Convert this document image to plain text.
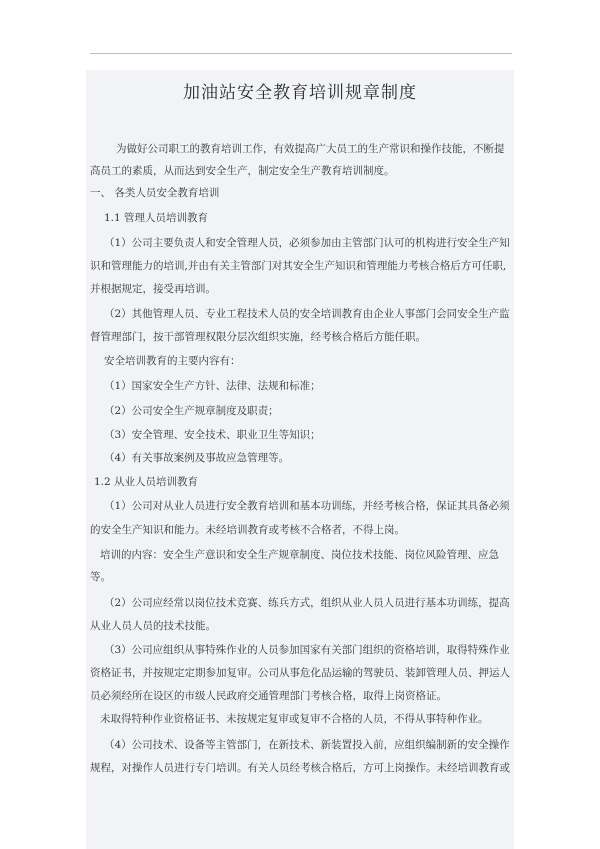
加油站安全教育培训规章制度

为做好公司职工的教育培训工作，有效提高广大员工的生产常识和操作技能，不断提

高员工的素质，从而达到安全生产，制定安全生产教育培训制度。

一、 各类人员安全教育培训

1.1 管理人员培训教育

（1）公司主要负责人和安全管理人员，必须参加由主管部门认可的机构进行安全生产知

识和管理能力的培训,并由有关主管部门对其安全生产知识和管理能力考核合格后方可任职,

并根据规定，接受再培训。

（2）其他管理人员、专业工程技术人员的安全培训教育由企业人事部门会同安全生产监

督管理部门，按干部管理权限分层次组织实施，经考核合格后方能任职。

安全培训教育的主要内容有：

（1）国家安全生产方针、法律、法规和标准；

（2）公司安全生产规章制度及职责；

（3）安全管理、安全技术、职业卫生等知识；

（4）有关事故案例及事故应急管理等。

1.2 从业人员培训教育

（1）公司对从业人员进行安全教育培训和基本功训练，并经考核合格，保证其具备必须

的安全生产知识和能力。未经培训教育或考核不合格者，不得上岗。

培训的内容：安全生产意识和安全生产规章制度、岗位技术技能、岗位风险管理、应急

等。

（2）公司应经常以岗位技术竞赛、练兵方式，组织从业人员人员进行基本功训练，提高

从业人员人员的技术技能。

（3）公司应组织从事特殊作业的人员参加国家有关部门组织的资格培训，取得特殊作业

资格证书，并按规定定期参加复审。公司从事危化品运输的驾驶员、装卸管理人员、押运人

员必须经所在设区的市级人民政府交通管理部门考核合格，取得上岗资格证。

未取得特种作业资格证书、未按规定复审或复审不合格的人员，不得从事特种作业。

（4）公司技术、设备等主管部门，在新技术、新装置投入前，应组织编制新的安全操作

规程，对操作人员进行专门培训。有关人员经考核合格后，方可上岗操作。未经培训教育或
